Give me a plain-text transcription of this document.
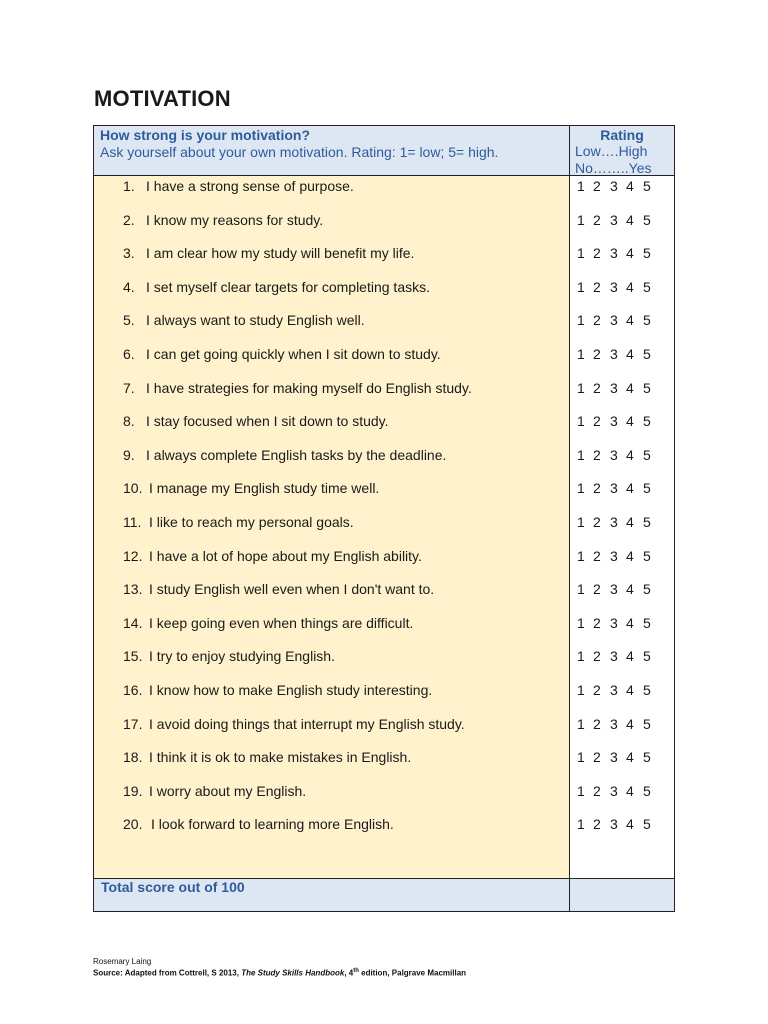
MOTIVATION
How strong is your motivation?
Ask yourself about your own motivation. Rating: 1= low; 5= high.
Rating
Low….High
No……..Yes
1. I have a strong sense of purpose.	1 2 3 4 5
2. I know my reasons for study.	1 2 3 4 5
3. I am clear how my study will benefit my life.	1 2 3 4 5
4. I set myself clear targets for completing tasks.	1 2 3 4 5
5. I always want to study English well.	1 2 3 4 5
6. I can get going quickly when I sit down to study.	1 2 3 4 5
7. I have strategies for making myself do English study.	1 2 3 4 5
8. I stay focused when I sit down to study.	1 2 3 4 5
9. I always complete English tasks by the deadline.	1 2 3 4 5
10. I manage my English study time well.	1 2 3 4 5
11. I like to reach my personal goals.	1 2 3 4 5
12. I have a lot of hope about my English ability.	1 2 3 4 5
13. I study English well even when I don't want to.	1 2 3 4 5
14. I keep going even when things are difficult.	1 2 3 4 5
15. I try to enjoy studying English.	1 2 3 4 5
16. I know how to make English study interesting.	1 2 3 4 5
17. I avoid doing things that interrupt my English study.	1 2 3 4 5
18. I think it is ok to make mistakes in English.	1 2 3 4 5
19. I worry about my English.	1 2 3 4 5
20. I look forward to learning more English.	1 2 3 4 5
Total score out of 100
Rosemary Laing
Source: Adapted from Cottrell, S 2013, The Study Skills Handbook, 4th edition, Palgrave Macmillan
